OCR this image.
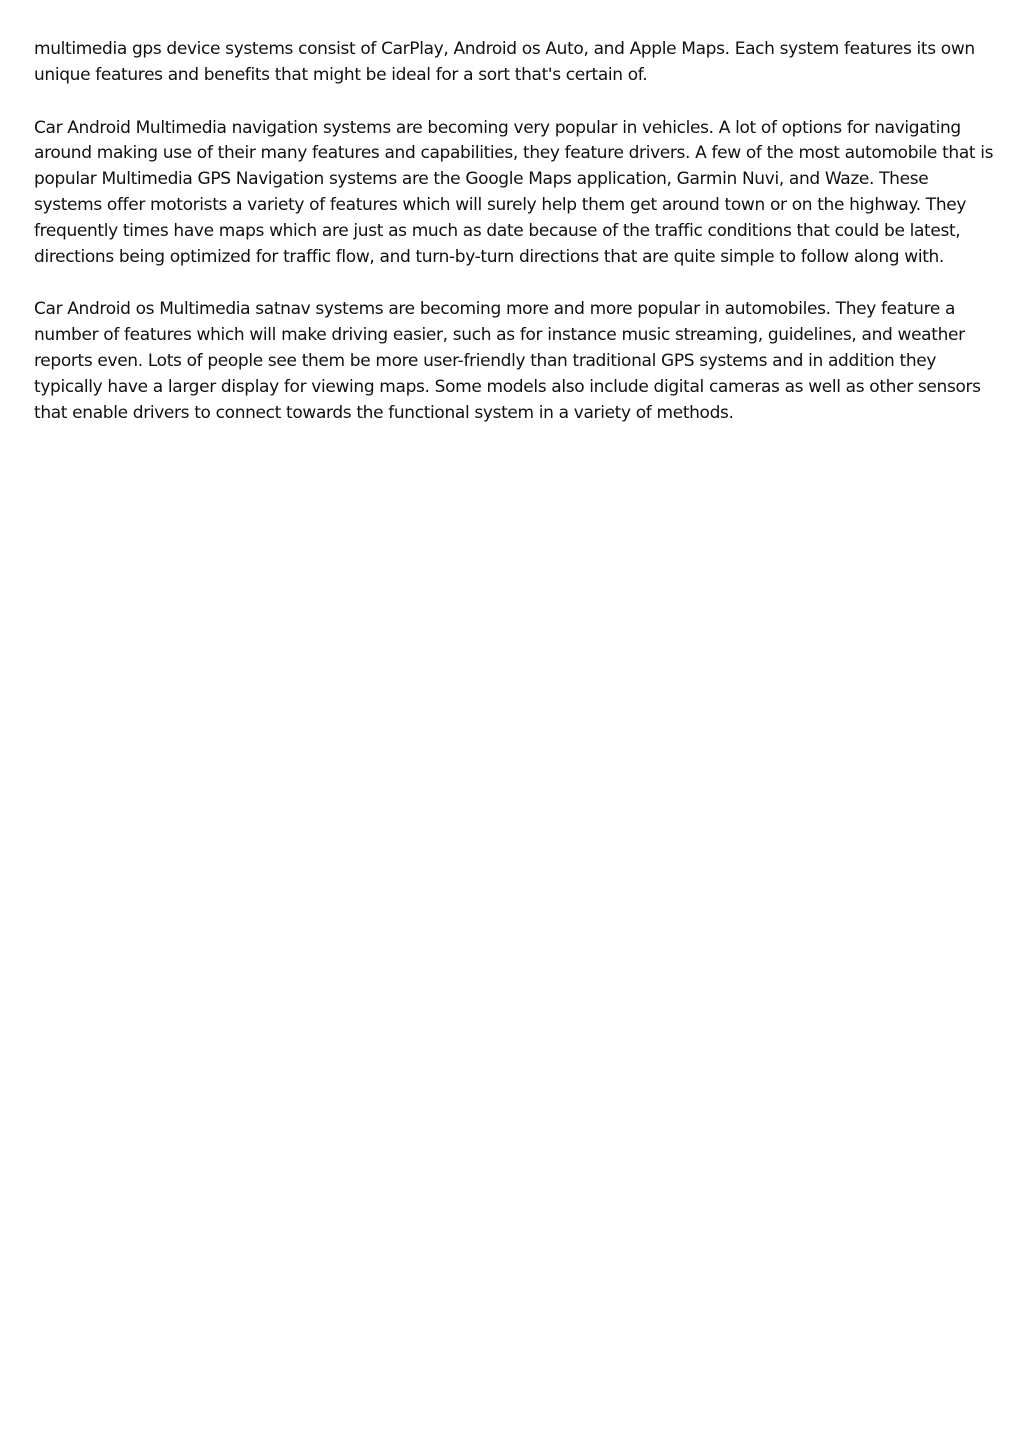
multimedia gps device systems consist of CarPlay, Android os Auto, and Apple Maps. Each system features its own unique features and benefits that might be ideal for a sort that's certain of.

Car Android Multimedia navigation systems are becoming very popular in vehicles. A lot of options for navigating around making use of their many features and capabilities, they feature drivers. A few of the most automobile that is popular Multimedia GPS Navigation systems are the Google Maps application, Garmin Nuvi, and Waze. These systems offer motorists a variety of features which will surely help them get around town or on the highway. They frequently times have maps which are just as much as date because of the traffic conditions that could be latest, directions being optimized for traffic flow, and turn-by-turn directions that are quite simple to follow along with.

Car Android os Multimedia satnav systems are becoming more and more popular in automobiles. They feature a number of features which will make driving easier, such as for instance music streaming, guidelines, and weather reports even. Lots of people see them be more user-friendly than traditional GPS systems and in addition they typically have a larger display for viewing maps. Some models also include digital cameras as well as other sensors that enable drivers to connect towards the functional system in a variety of methods.
